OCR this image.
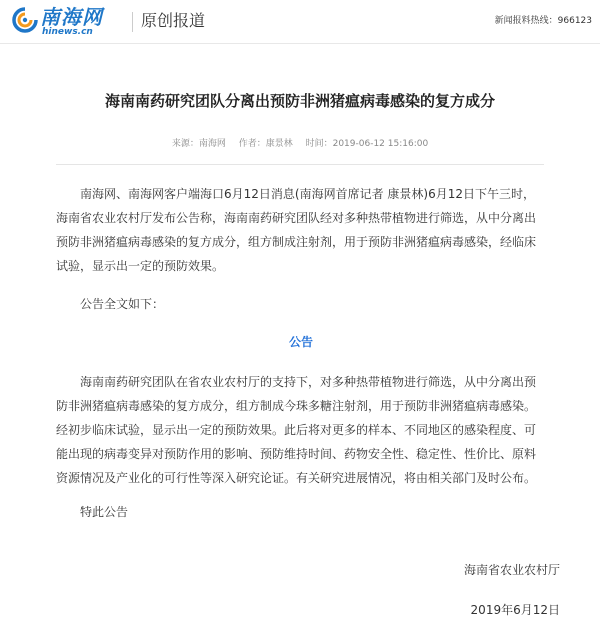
南海网
hinews.cn
原创报道	新闻报料热线：966123
海南南药研究团队分离出预防非洲猪瘟病毒感染的复方成分
来源：南海网 作者：康景林 时间：2019-06-12 15:16:00

南海网、南海网客户端海口6月12日消息(南海网首席记者 康景林)6月12日下午三时，海南省农业农村厅发布公告称，海南南药研究团队经对多种热带植物进行筛选，从中分离出预防非洲猪瘟病毒感染的复方成分，组方制成注射剂，用于预防非洲猪瘟病毒感染，经临床试验，显示出一定的预防效果。

公告全文如下：

公告

海南南药研究团队在省农业农村厅的支持下，对多种热带植物进行筛选，从中分离出预防非洲猪瘟病毒感染的复方成分，组方制成今珠多糖注射剂，用于预防非洲猪瘟病毒感染。经初步临床试验，显示出一定的预防效果。此后将对更多的样本、不同地区的感染程度、可能出现的病毒变异对预防作用的影响、预防维持时间、药物安全性、稳定性、性价比、原料资源情况及产业化的可行性等深入研究论证。有关研究进展情况，将由相关部门及时公布。

特此公告

海南省农业农村厅
2019年6月12日
